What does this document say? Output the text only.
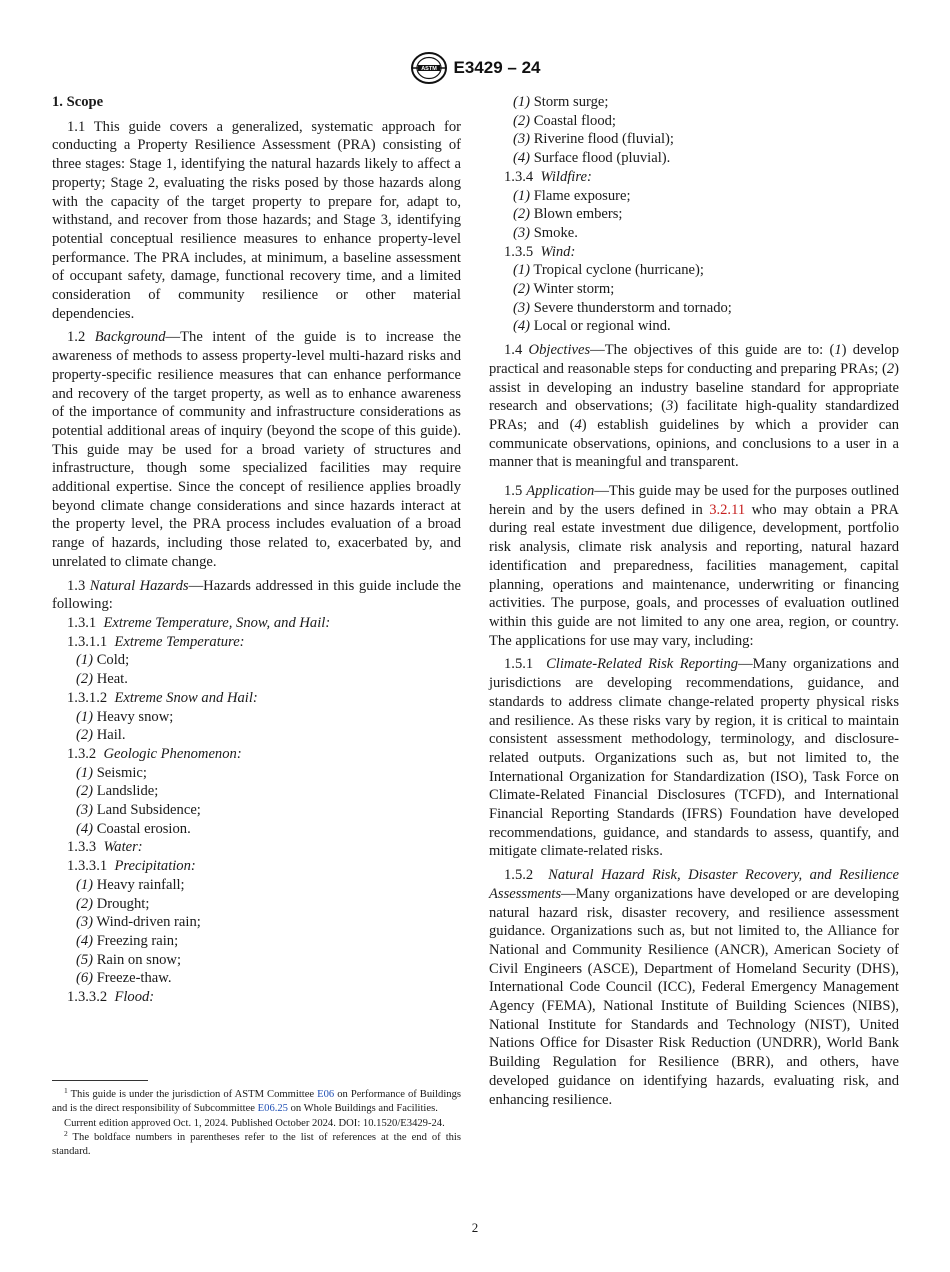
ASTM E3429 – 24

1. Scope

1.1 This guide covers a generalized, systematic approach for conducting a Property Resilience Assessment (PRA) consisting of three stages: Stage 1, identifying the natural hazards likely to affect a property; Stage 2, evaluating the risks posed by those hazards along with the capacity of the target property to prepare for, adapt to, withstand, and recover from those hazards; and Stage 3, identifying potential conceptual resilience measures to enhance property-level performance. The PRA includes, at minimum, a baseline assessment of occupant safety, damage, functional recovery time, and a limited consideration of community resilience or other material dependencies.

1.2 Background—The intent of the guide is to increase the awareness of methods to assess property-level multi-hazard risks and property-specific resilience measures that can enhance performance and recovery of the target property, as well as to enhance awareness of the importance of community and infrastructure considerations as potential additional areas of inquiry (beyond the scope of this guide). This guide may be used for a broad variety of structures and infrastructure, though some specialized facilities may require additional expertise. Since the concept of resilience applies broadly beyond climate change considerations and since hazards interact at the property level, the PRA process includes evaluation of a broad range of hazards, including those related to, exacerbated by, and unrelated to climate change.

1.3 Natural Hazards—Hazards addressed in this guide include the following:

1.3.1 Extreme Temperature, Snow, and Hail:

1.3.1.1 Extreme Temperature:

(1) Cold;

(2) Heat.

1.3.1.2 Extreme Snow and Hail:

(1) Heavy snow;

(2) Hail.

1.3.2 Geologic Phenomenon:

(1) Seismic;

(2) Landslide;

(3) Land Subsidence;

(4) Coastal erosion.

1.3.3 Water:

1.3.3.1 Precipitation:

(1) Heavy rainfall;

(2) Drought;

(3) Wind-driven rain;

(4) Freezing rain;

(5) Rain on snow;

(6) Freeze-thaw.

1.3.3.2 Flood:

(1) Storm surge;

(2) Coastal flood;

(3) Riverine flood (fluvial);

(4) Surface flood (pluvial).

1.3.4 Wildfire:

(1) Flame exposure;

(2) Blown embers;

(3) Smoke.

1.3.5 Wind:

(1) Tropical cyclone (hurricane);

(2) Winter storm;

(3) Severe thunderstorm and tornado;

(4) Local or regional wind.

1.4 Objectives—The objectives of this guide are to: (1) develop practical and reasonable steps for conducting and preparing PRAs; (2) assist in developing an industry baseline standard for appropriate research and observations; (3) facilitate high-quality standardized PRAs; and (4) establish guidelines by which a provider can communicate observations, opinions, and conclusions to a user in a manner that is meaningful and transparent.

1.5 Application—This guide may be used for the purposes outlined herein and by the users defined in 3.2.11 who may obtain a PRA during real estate investment due diligence, development, portfolio risk analysis, climate risk analysis and reporting, natural hazard identification and preparedness, facilities management, capital planning, operations and maintenance, underwriting or financing activities. The purpose, goals, and processes of evaluation outlined within this guide are not limited to any one area, region, or country. The applications for use may vary, including:

1.5.1 Climate-Related Risk Reporting—Many organizations and jurisdictions are developing recommendations, guidance, and standards to address climate change-related property physical risks and resilience. As these risks vary by region, it is critical to maintain consistent assessment methodology, terminology, and disclosure-related outputs. Organizations such as, but not limited to, the International Organization for Standardization (ISO), Task Force on Climate-Related Financial Disclosures (TCFD), and International Financial Reporting Standards (IFRS) Foundation have developed recommendations, guidance, and standards to assess, quantify, and mitigate climate-related risks.

1.5.2 Natural Hazard Risk, Disaster Recovery, and Resilience Assessments—Many organizations have developed or are developing natural hazard risk, disaster recovery, and resilience assessment guidance. Organizations such as, but not limited to, the Alliance for National and Community Resilience (ANCR), American Society of Civil Engineers (ASCE), Department of Homeland Security (DHS), International Code Council (ICC), Federal Emergency Management Agency (FEMA), National Institute of Building Sciences (NIBS), National Institute for Standards and Technology (NIST), United Nations Office for Disaster Risk Reduction (UNDRR), World Bank Building Regulation for Resilience (BRR), and others, have developed guidance on identifying hazards, evaluating risk, and enhancing resilience.

$^1$ This guide is under the jurisdiction of ASTM Committee E06 on Performance of Buildings and is the direct responsibility of Subcommittee E06.25 on Whole Buildings and Facilities.

Current edition approved Oct. 1, 2024. Published October 2024. DOI: 10.1520/E3429-24.

$^2$ The boldface numbers in parentheses refer to the list of references at the end of this standard.

2
